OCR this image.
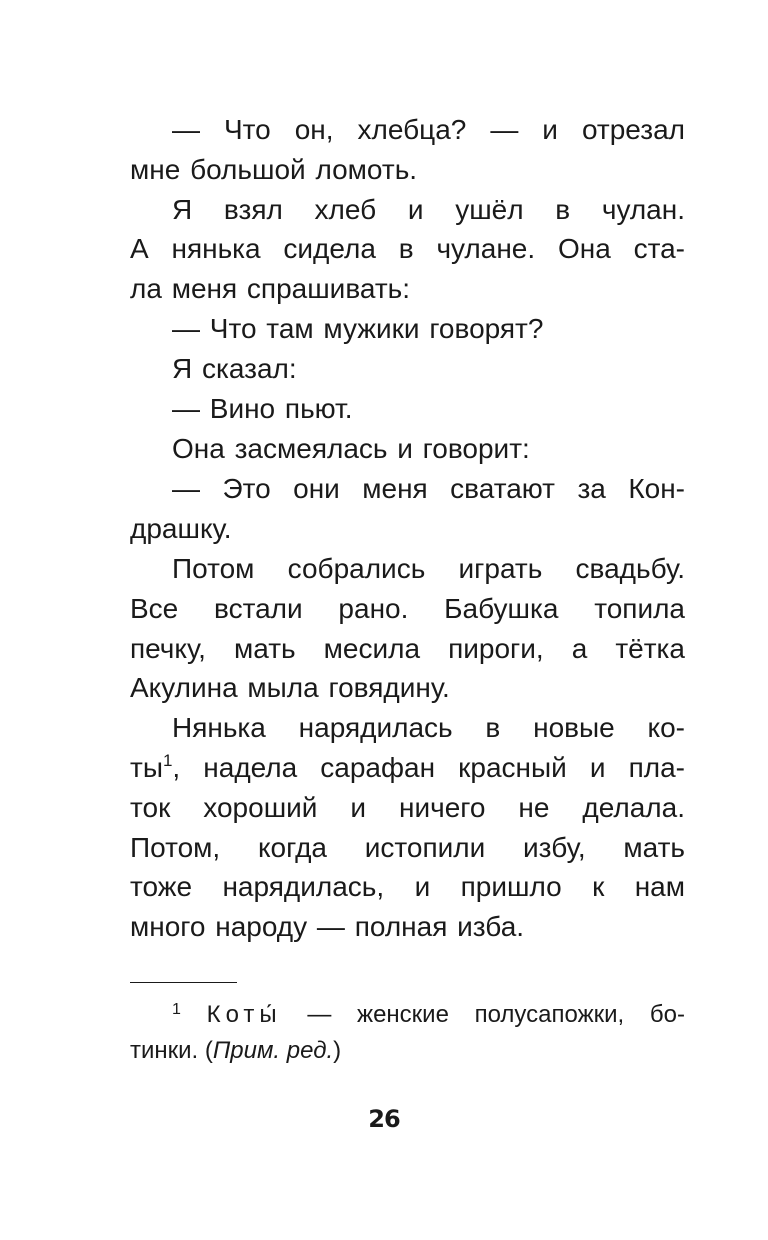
— Что он, хлебца? — и отрезал
мне большой ломоть.
Я взял хлеб и ушёл в чулан.
А нянька сидела в чулане. Она ста-
ла меня спрашивать:
— Что там мужики говорят?
Я сказал:
— Вино пьют.
Она засмеялась и говорит:
— Это они меня сватают за Кон-
драшку.
Потом собрались играть свадьбу.
Все встали рано. Бабушка топила
печку, мать месила пироги, а тётка
Акулина мыла говядину.
Нянька нарядилась в новые ко-
$ты^1$, надела сарафан красный и пла-
ток хороший и ничего не делала.
Потом, когда истопили избу, мать
тоже нарядилась, и пришло к нам
много народу — полная изба.
$^1$ Коты́ — женские полусапожки, бо-
тинки. (Прим. ред.)
26
